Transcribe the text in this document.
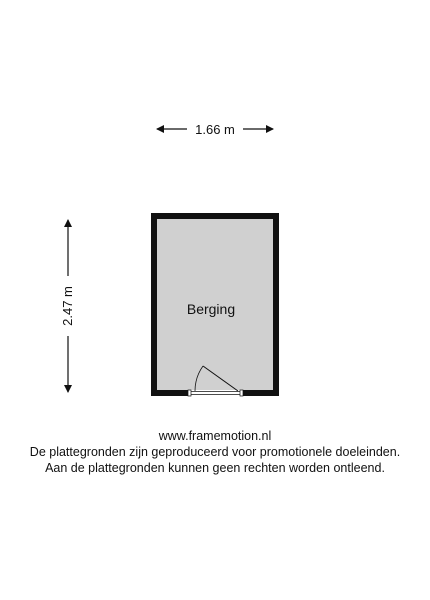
1.66 m
2.47 m	Berging
www.framemotion.nl
De plattegronden zijn geproduceerd voor promotionele doeleinden.
Aan de plattegronden kunnen geen rechten worden ontleend.
